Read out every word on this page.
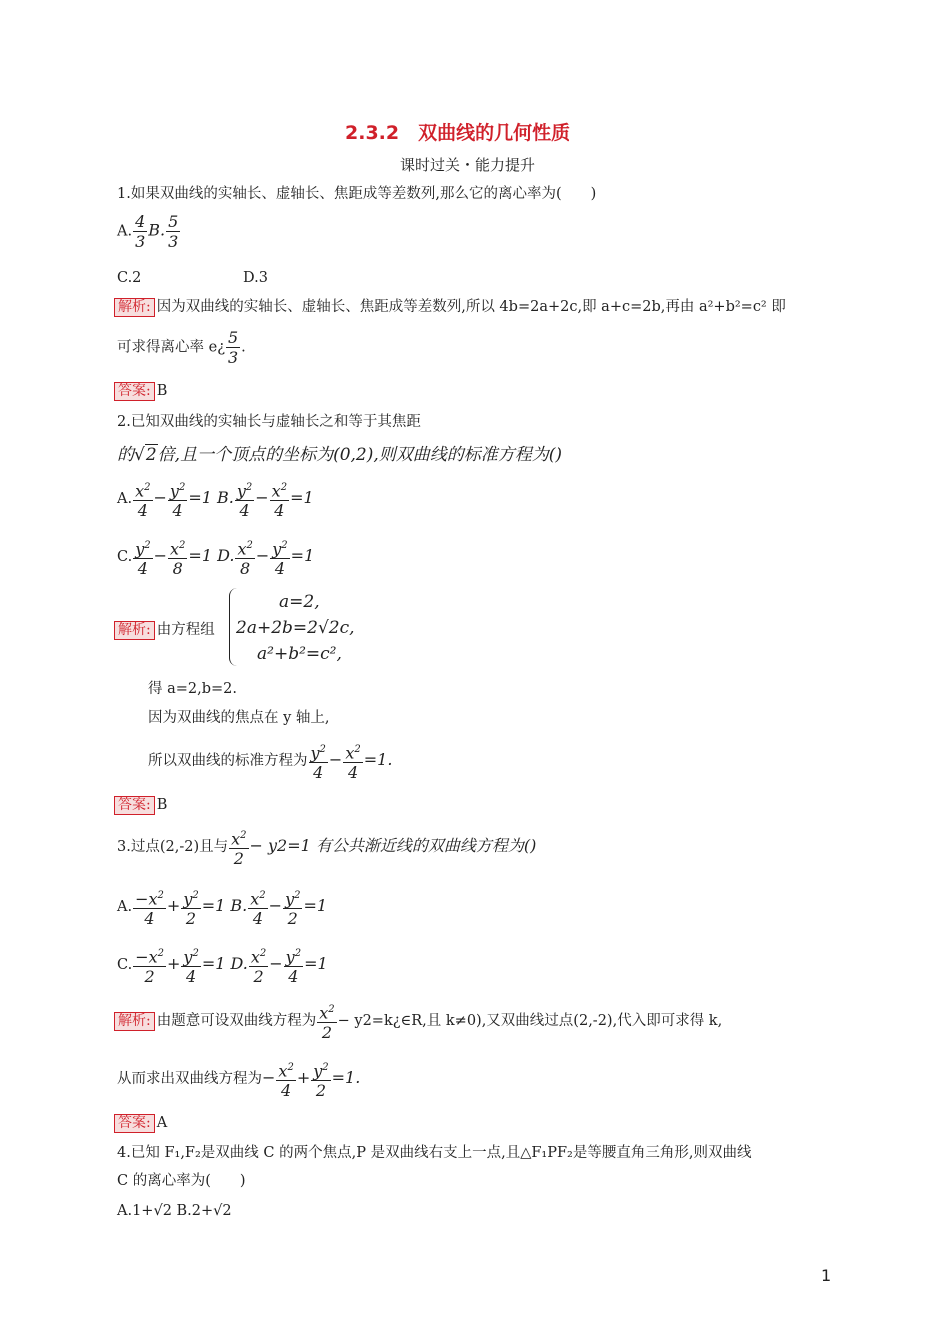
2.3.2　双曲线的几何性质
课时过关・能力提升
1.如果双曲线的实轴长、虚轴长、焦距成等差数列,那么它的离心率为(　　)
A. $\frac{4}{3} B$. $\frac{5}{3}$
C.2	D.3
解析: 因为双曲线的实轴长、虚轴长、焦距成等差数列,所以 4b=2a+2c,即 a+c=2b,再由 a²+b²=c² 即
可求得离心率 e¿ $\frac{5}{3}$ .
答案: B
2.已知双曲线的实轴长与虚轴长之和等于其焦距
的√2倍,且一个顶点的坐标为(0,2),则双曲线的标准方程为()
A. $\frac{x^2}{4} - \frac{y^2}{4} =1$ B. $\frac{y^2}{4} - \frac{x^2}{4} =1$
C. $\frac{y^2}{4} - \frac{x^2}{8} =1$ D. $\frac{x^2}{8} - \frac{y^2}{4} =1$
解析: 由方程组
a=2,
2a+2b=2√2c,
a²+b²=c²,
得 a=2,b=2.
因为双曲线的焦点在 y 轴上,
所以双曲线的标准方程为 $\frac{y^2}{4} - \frac{x^2}{4} =1$.
答案: B
3.过点(2,-2)且与 $\frac{x^2}{2} - y2=1$ 有公共渐近线的双曲线方程为()
A. $\frac{-x^2}{4} + \frac{y^2}{2} =1$ B. $\frac{x^2}{4} - \frac{y^2}{2} =1$
C. $\frac{-x^2}{2} + \frac{y^2}{4} =1$ D. $\frac{x^2}{2} - \frac{y^2}{4} =1$
解析: 由题意可设双曲线方程为 $\frac{x^2}{2}$ − y2=k¿∈R,且 k≠0),又双曲线过点(2,-2),代入即可求得 k,
从而求出双曲线方程为− $\frac{x^2}{4} + \frac{y^2}{2} =1$.
答案: A
4.已知 F₁,F₂是双曲线 C 的两个焦点,P 是双曲线右支上一点,且△F₁PF₂是等腰直角三角形,则双曲线
C 的离心率为(　　)
A.1+√2 B.2+√2
1
